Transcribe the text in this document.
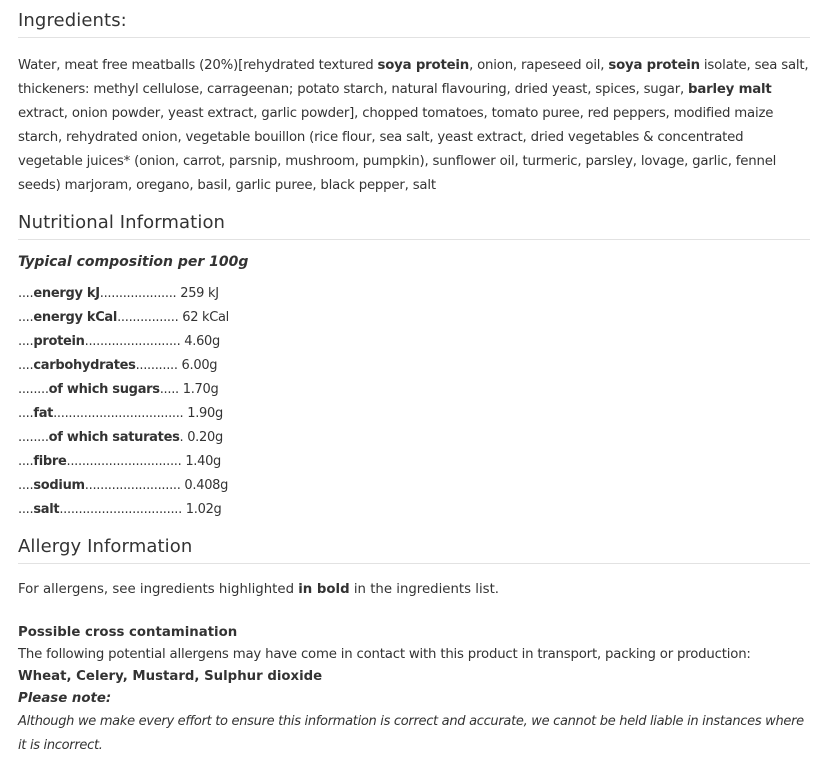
Ingredients:

Water, meat free meatballs (20%)[rehydrated textured soya protein, onion, rapeseed oil, soya protein isolate, sea salt, thickeners: methyl cellulose, carrageenan; potato starch, natural flavouring, dried yeast, spices, sugar, barley malt extract, onion powder, yeast extract, garlic powder], chopped tomatoes, tomato puree, red peppers, modified maize starch, rehydrated onion, vegetable bouillon (rice flour, sea salt, yeast extract, dried vegetables & concentrated vegetable juices* (onion, carrot, parsnip, mushroom, pumpkin), sunflower oil, turmeric, parsley, lovage, garlic, fennel seeds) marjoram, oregano, basil, garlic puree, black pepper, salt

Nutritional Information

Typical composition per 100g

....energy kJ.................... 259 kJ
....energy kCal................ 62 kCal
....protein......................... 4.60g
....carbohydrates........... 6.00g
........of which sugars..... 1.70g
....fat.................................. 1.90g
........of which saturates. 0.20g
....fibre.............................. 1.40g
....sodium......................... 0.408g
....salt................................ 1.02g
Allergy Information

For allergens, see ingredients highlighted in bold in the ingredients list.

Possible cross contamination

The following potential allergens may have come in contact with this product in transport, packing or production:

Wheat, Celery, Mustard, Sulphur dioxide

Please note:

Although we make every effort to ensure this information is correct and accurate, we cannot be held liable in instances where it is incorrect.
